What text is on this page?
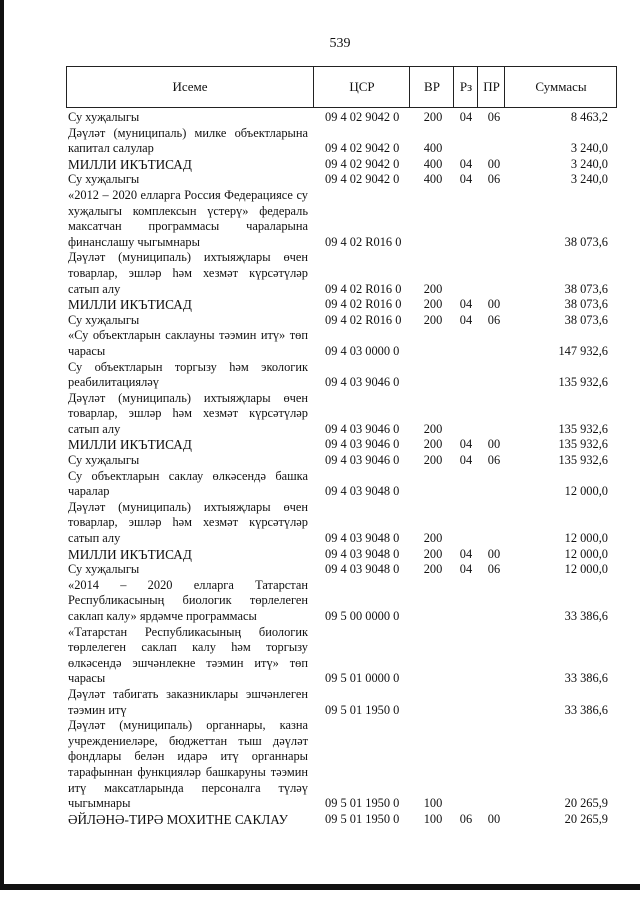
539
Исеме	ЦСР	ВР	Рз ПР	Суммасы
Су хуҗалыгы	09 4 02 9042 0 200	04	06	8 463,2
Дәүләт (муниципаль) милке объектларына капитал салулар	09 4 02 9042 0 400	3 240,0
МИЛЛИ ИКЪТИСАД	09 4 02 9042 0 400	04	00	3 240,0
Су хуҗалыгы	09 4 02 9042 0 400	04	06	3 240,0
«2012 – 2020 елларга Россия Федерациясе су хуҗалыгы комплексын үстерү» федераль максатчан программасы чараларына финанслашу чыгымнары	09 4 02 R016 0	38 073,6
Дәүләт (муниципаль) ихтыяҗлары өчен товарлар, эшләр һәм хезмәт күрсәтүләр сатып алу	09 4 02 R016 0 200	38 073,6
МИЛЛИ ИКЪТИСАД	09 4 02 R016 0 200	04	00	38 073,6
Су хуҗалыгы	09 4 02 R016 0 200	04	06	38 073,6
«Су объектларын саклауны тәэмин итү» төп чарасы	09 4 03 0000 0	147 932,6
Су объектларын торгызу һәм экологик реабилитацияләү	09 4 03 9046 0	135 932,6
Дәүләт (муниципаль) ихтыяҗлары өчен товарлар, эшләр һәм хезмәт күрсәтүләр сатып алу	09 4 03 9046 0 200	135 932,6
МИЛЛИ ИКЪТИСАД	09 4 03 9046 0 200	04	00	135 932,6
Су хуҗалыгы	09 4 03 9046 0 200	04	06	135 932,6
Су объектларын саклау өлкәсендә башка чаралар	09 4 03 9048 0	12 000,0
Дәүләт (муниципаль) ихтыяҗлары өчен товарлар, эшләр һәм хезмәт күрсәтүләр сатып алу	09 4 03 9048 0 200	12 000,0
МИЛЛИ ИКЪТИСАД	09 4 03 9048 0 200	04	00	12 000,0
Су хуҗалыгы	09 4 03 9048 0 200	04	06	12 000,0
«2014 – 2020 елларга Татарстан Республикасының биологик төрлелеген саклап калу» ярдәмче программасы	09 5 00 0000 0	33 386,6
«Татарстан Республикасының биологик төрлелеген саклап калу һәм торгызу өлкәсендә эшчәнлекне тәэмин итү» төп чарасы	09 5 01 0000 0	33 386,6
Дәүләт табигать заказниклары эшчәнлеген тәэмин итү	09 5 01 1950 0	33 386,6
Дәүләт (муниципаль) органнары, казна учреждениеләре, бюджеттан тыш дәүләт фондлары белән идарә итү органнары тарафыннан функцияләр башкаруны тәэмин итү максатларында персоналга түләү чыгымнары	09 5 01 1950 0 100	20 265,9
ӘЙЛӘНӘ-ТИРӘ МОХИТНЕ САКЛАУ	09 5 01 1950 0 100	06	00	20 265,9
